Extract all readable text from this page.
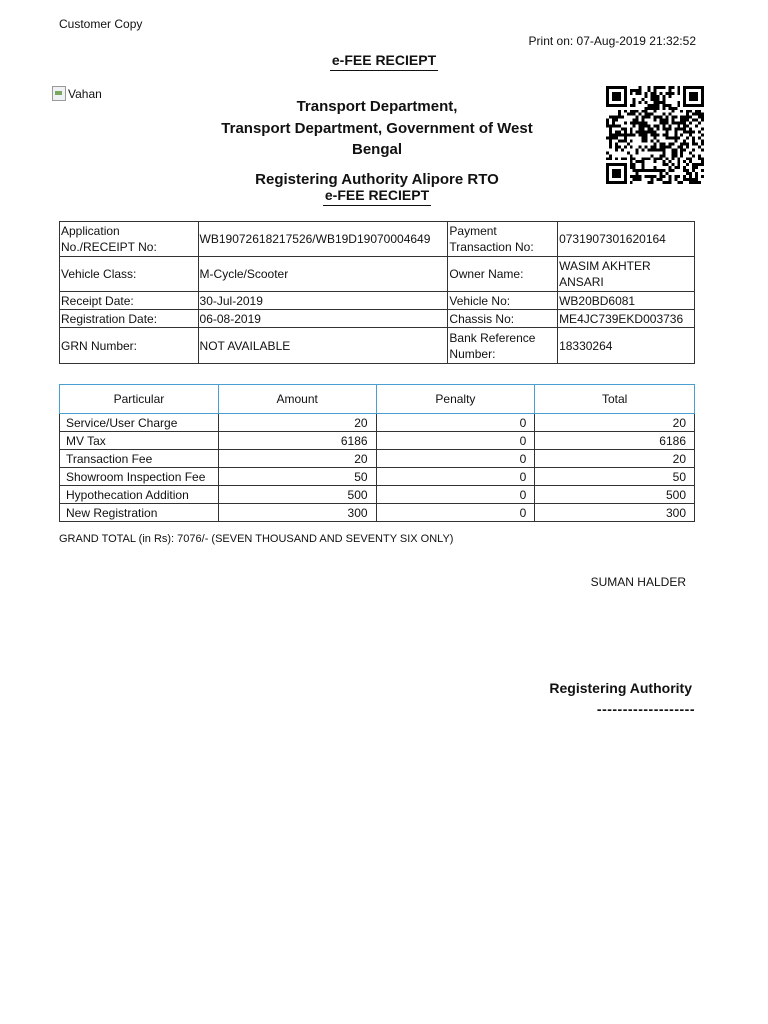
Customer Copy
Print on: 07-Aug-2019 21:32:52
e-FEE RECIEPT
Vahan
Transport Department,
Transport Department, Government of West
Bengal
Registering Authority Alipore RTO
e-FEE RECIEPT
Application No./RECEIPT No:	WB19072618217526/WB19D19070004649	Payment Transaction No:	0731907301620164
Vehicle Class:	M-Cycle/Scooter	Owner Name:	WASIM AKHTER ANSARI
Receipt Date:	30-Jul-2019	Vehicle No:	WB20BD6081
Registration Date:	06-08-2019	Chassis No:	ME4JC739EKD003736
GRN Number:	NOT AVAILABLE	Bank Reference Number:	18330264
Particular	Amount	Penalty	Total
Service/User Charge	20	0	20
MV Tax	6186	0	6186
Transaction Fee	20	0	20
Showroom Inspection Fee	50	0	50
Hypothecation Addition	500	0	500
New Registration	300	0	300
GRAND TOTAL (in Rs): 7076/- (SEVEN THOUSAND AND SEVENTY SIX ONLY)
SUMAN HALDER
Registering Authority
-------------------
